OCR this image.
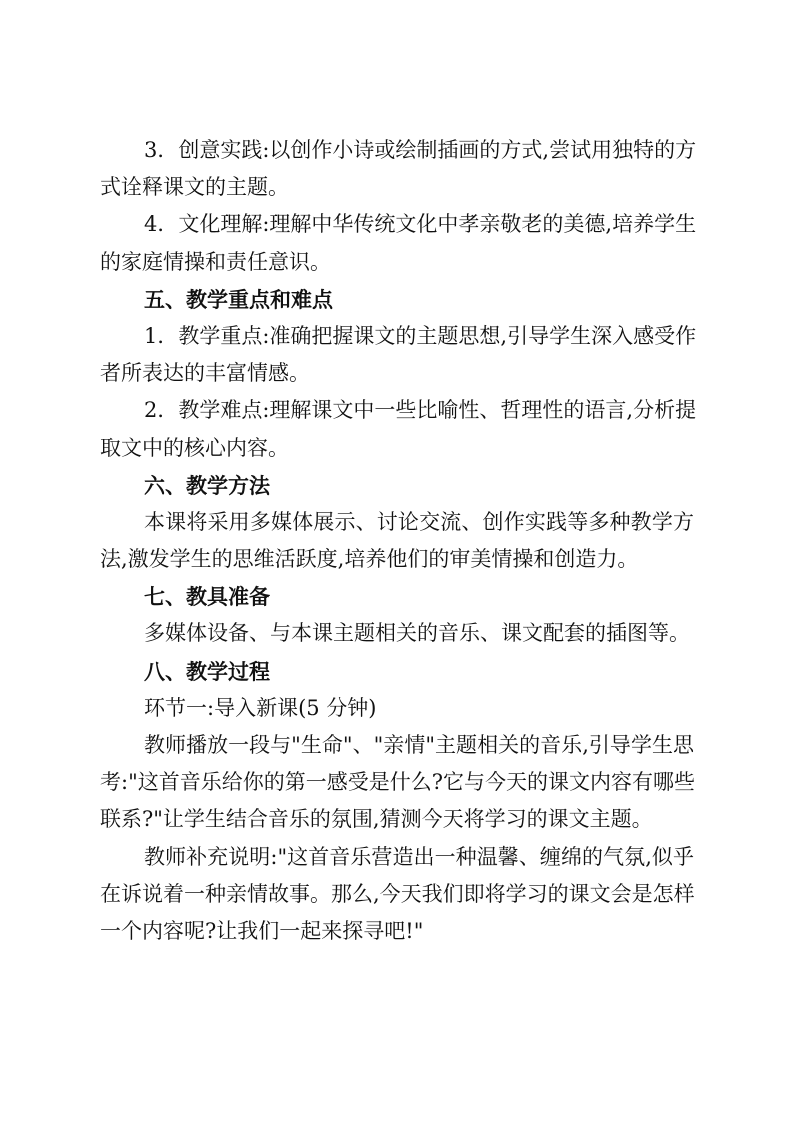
3．创意实践:以创作小诗或绘制插画的方式,尝试用独特的方
式诠释课文的主题。
4．文化理解:理解中华传统文化中孝亲敬老的美德,培养学生
的家庭情操和责任意识。
五、教学重点和难点
1．教学重点:准确把握课文的主题思想,引导学生深入感受作
者所表达的丰富情感。
2．教学难点:理解课文中一些比喻性、哲理性的语言,分析提
取文中的核心内容。
六、教学方法
本课将采用多媒体展示、讨论交流、创作实践等多种教学方
法,激发学生的思维活跃度,培养他们的审美情操和创造力。
七、教具准备
多媒体设备、与本课主题相关的音乐、课文配套的插图等。
八、教学过程
环节一:导入新课(5 分钟)
教师播放一段与"生命"、"亲情"主题相关的音乐,引导学生思
考:"这首音乐给你的第一感受是什么?它与今天的课文内容有哪些
联系?"让学生结合音乐的氛围,猜测今天将学习的课文主题。
教师补充说明:"这首音乐营造出一种温馨、缠绵的气氛,似乎
在诉说着一种亲情故事。那么,今天我们即将学习的课文会是怎样
一个内容呢?让我们一起来探寻吧!"
